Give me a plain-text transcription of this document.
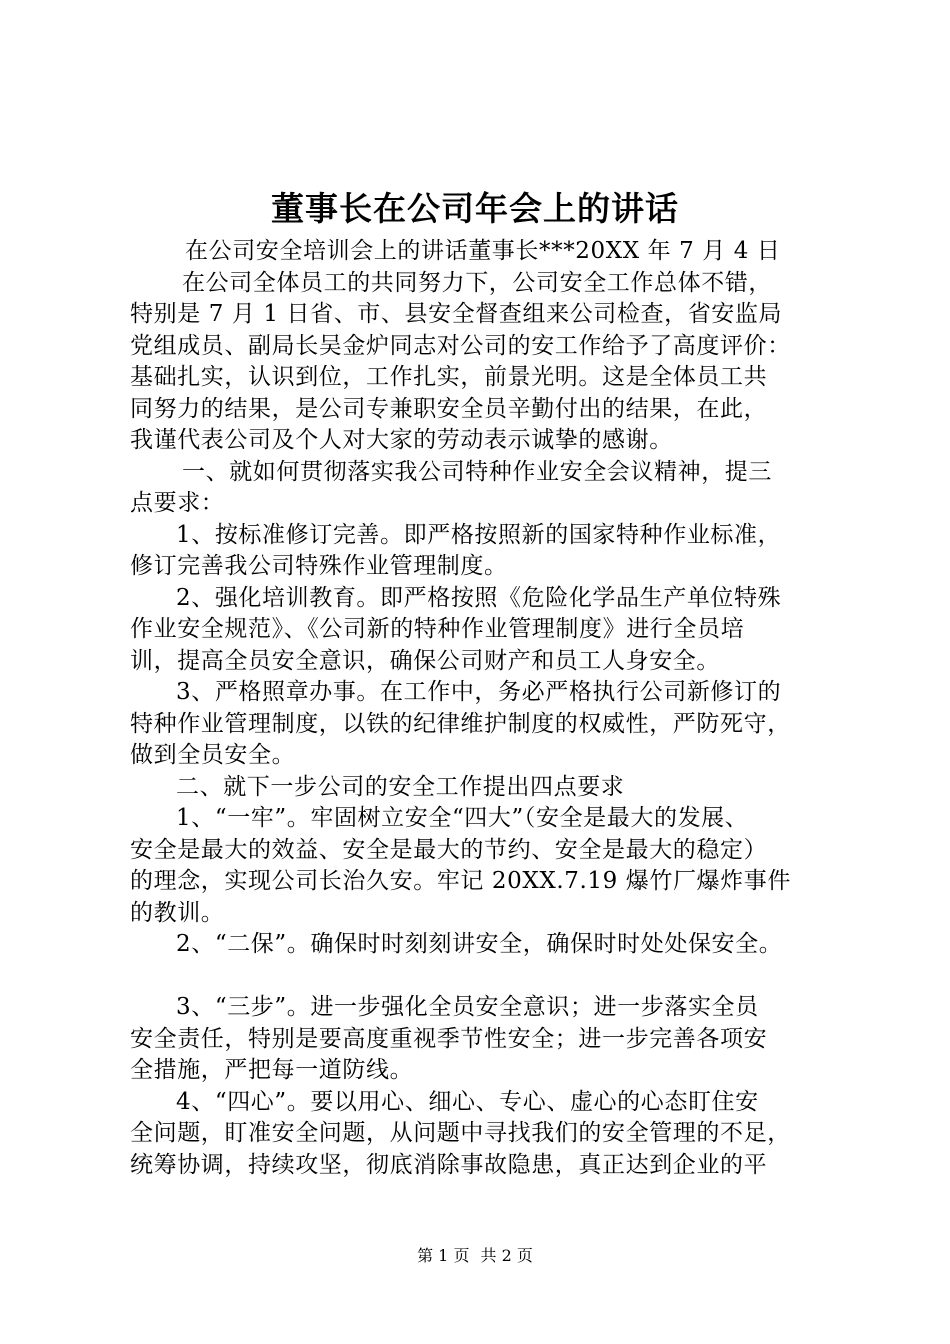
董事长在公司年会上的讲话
在公司安全培训会上的讲话董事长***20XX 年 7 月 4 日
在公司全体员工的共同努力下，公司安全工作总体不错，
特别是 7 月 1 日省、市、县安全督查组来公司检查，省安监局
党组成员、副局长吴金炉同志对公司的安工作给予了高度评价：
基础扎实，认识到位，工作扎实，前景光明。这是全体员工共
同努力的结果，是公司专兼职安全员辛勤付出的结果，在此，
我谨代表公司及个人对大家的劳动表示诚挚的感谢。
一、就如何贯彻落实我公司特种作业安全会议精神，提三
点要求：
1、按标准修订完善。即严格按照新的国家特种作业标准，
修订完善我公司特殊作业管理制度。
2、强化培训教育。即严格按照《危险化学品生产单位特殊
作业安全规范》、《公司新的特种作业管理制度》进行全员培
训，提高全员安全意识，确保公司财产和员工人身安全。
3、严格照章办事。在工作中，务必严格执行公司新修订的
特种作业管理制度，以铁的纪律维护制度的权威性，严防死守，
做到全员安全。
二、就下一步公司的安全工作提出四点要求
1、“一牢”。牢固树立安全“四大”（安全是最大的发展、
安全是最大的效益、安全是最大的节约、安全是最大的稳定）
的理念，实现公司长治久安。牢记 20XX.7.19 爆竹厂爆炸事件
的教训。
2、“二保”。确保时时刻刻讲安全，确保时时处处保安全。
3、“三步”。进一步强化全员安全意识；进一步落实全员
安全责任，特别是要高度重视季节性安全；进一步完善各项安
全措施，严把每一道防线。
4、“四心”。要以用心、细心、专心、虚心的心态盯住安
全问题，盯准安全问题，从问题中寻找我们的安全管理的不足，
统筹协调，持续攻坚，彻底消除事故隐患，真正达到企业的平
第 1 页 共 2 页
